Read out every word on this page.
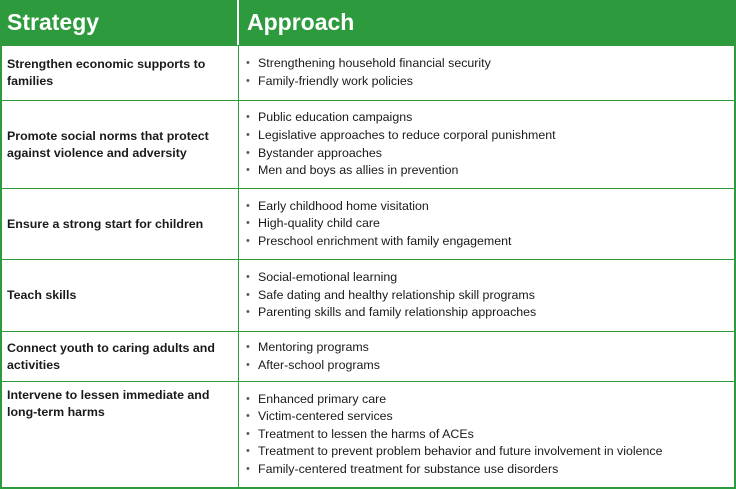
Strategy	Approach
Strengthen economic supports to families
• Strengthening household financial security
• Family-friendly work policies
Promote social norms that protect against violence and adversity
• Public education campaigns
• Legislative approaches to reduce corporal punishment
• Bystander approaches
• Men and boys as allies in prevention
Ensure a strong start for children
• Early childhood home visitation
• High-quality child care
• Preschool enrichment with family engagement
Teach skills
• Social-emotional learning
• Safe dating and healthy relationship skill programs
• Parenting skills and family relationship approaches
Connect youth to caring adults and activities
• Mentoring programs
• After-school programs
Intervene to lessen immediate and long-term harms
• Enhanced primary care
• Victim-centered services
• Treatment to lessen the harms of ACEs
• Treatment to prevent problem behavior and future involvement in violence
• Family-centered treatment for substance use disorders
